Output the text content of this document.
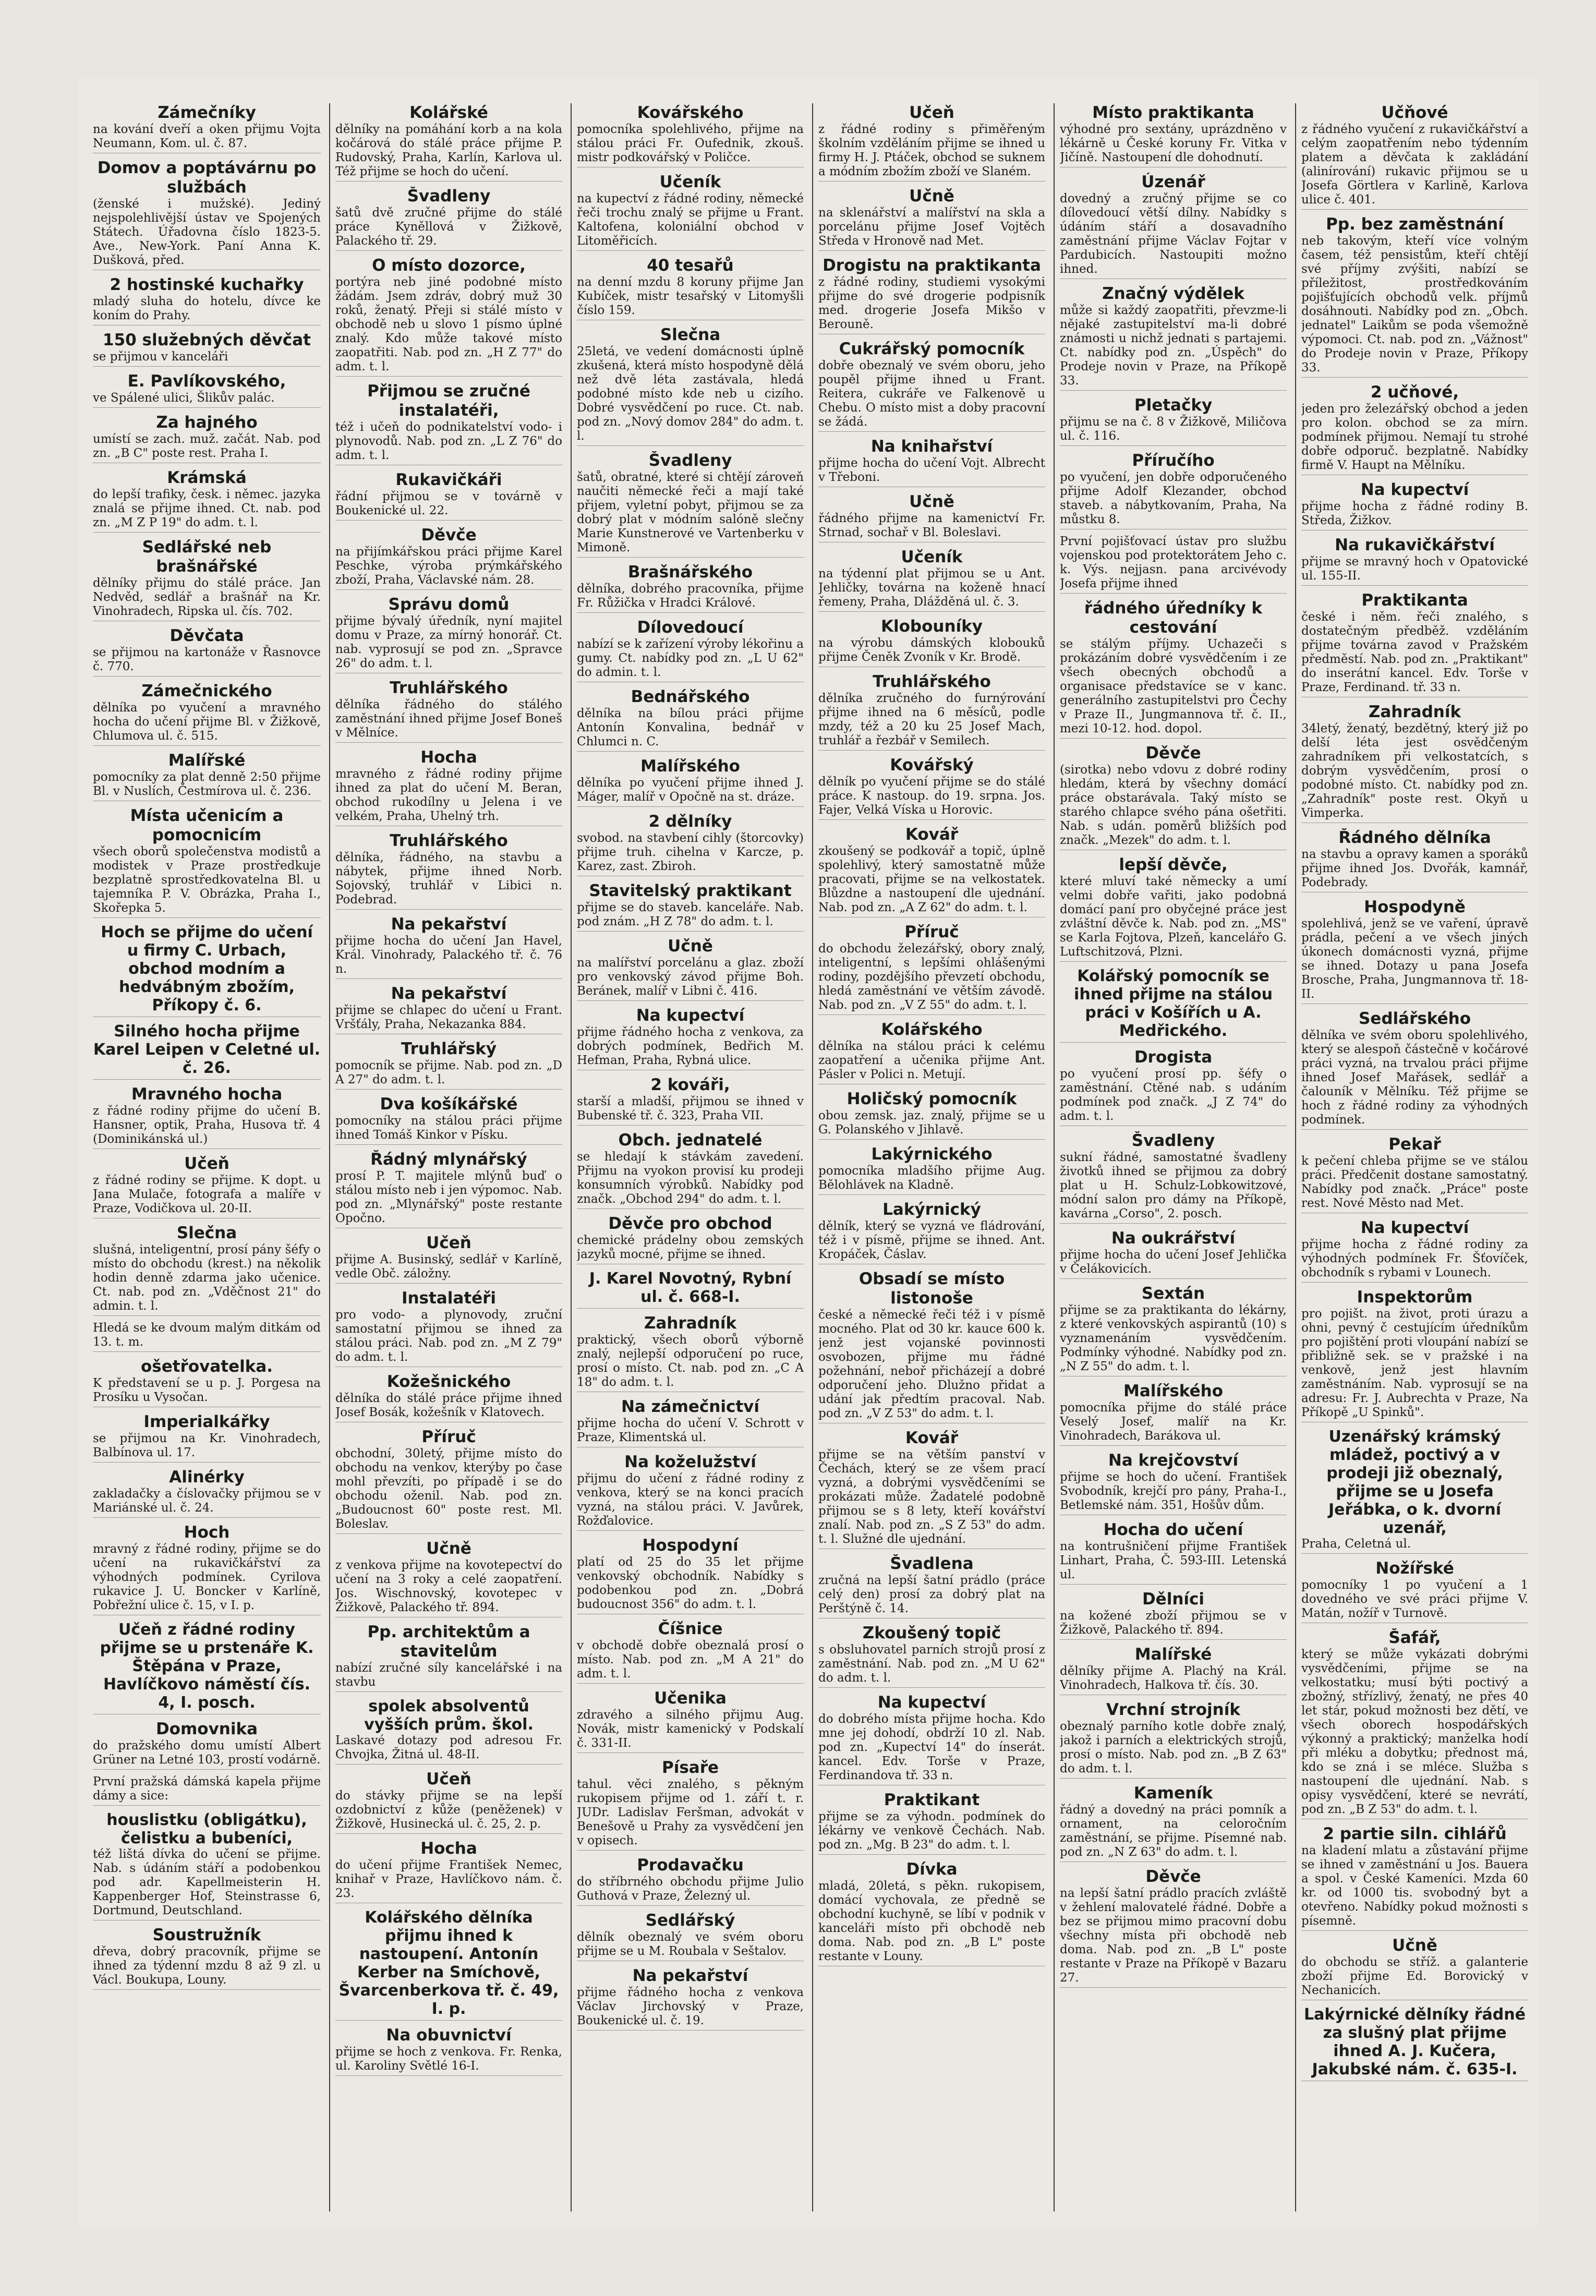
Zámečníky
na kování dveří a oken přijmu Vojta Neumann, Kom. ul. č. 87.
Domov a poptávárnu po službách
(ženské i mužské). Jediný nejspolehlivější ústav ve Spojených Státech. Úřadovna číslo 1823-5. Ave., New-York. Paní Anna K. Dušková, před.
2 hostinské kuchařky
mladý sluha do hotelu, dívce ke koním do Prahy.
150 služebných děvčat
se přijmou v kanceláři
E. Pavlíkovského,
ve Spálené ulici, Šlikův palác.
Za hajného
umístí se zach. muž. začát. Nab. pod zn. „B C" poste rest. Praha I.
Krámská
do lepší trafiky, česk. i němec. jazyka znalá se přijme ihned. Ct. nab. pod zn. „M Z P 19" do adm. t. l.
Sedlářské neb brašnářské
dělníky přijmu do stálé práce. Jan Nedvěd, sedlář a brašnář na Kr. Vinohradech, Ripska ul. čís. 702.
Děvčata
se přijmou na kartonáže v Řasnovce č. 770.
Zámečnického
dělníka po vyučení a mravného hocha do učení přijme Bl. v Žižkově, Chlumova ul. č. 515.
Malířské
pomocníky za plat denně 2:50 přijme Bl. v Nuslích, Čestmírova ul. č. 236.
Místa učenicím a pomocnicím
všech oborů společenstva modistů a modistek v Praze prostředkuje bezplatně sprostředkovatelna Bl. u tajemníka P. V. Obrázka, Praha I., Skořepka 5.
Hoch se přijme do učení u firmy C. Urbach, obchod modním a hedvábným zbožím, Příkopy č. 6.
Silného hocha přijme Karel Leipen v Celetné ul. č. 26.
Mravného hocha
z řádné rodiny přijme do učení B. Hansner, optik, Praha, Husova tř. 4 (Dominikánská ul.)
Učeň
z řádné rodiny se přijme. K dopt. u Jana Mulače, fotografa a malíře v Praze, Vodičkova ul. 20-II.
Slečna
slušná, inteligentní, prosí pány šéfy o místo do obchodu (krest.) na několik hodin denně zdarma jako učenice. Ct. nab. pod zn. „Vděčnost 21" do admin. t. l.
Hledá se ke dvoum malým ditkám od 13. t. m.
ošetřovatelka.
K představení se u p. J. Porgesa na Prosíku u Vysočan.
Imperialkářky
se přijmou na Kr. Vinohradech, Balbínova ul. 17.
Alinérky
zakladačky a číslovačky přijmou se v Mariánské ul. č. 24.
Hoch
mravný z řádné rodiny, přijme se do učení na rukavičkářství za výhodných podmínek. Cyrilova rukavice J. U. Boncker v Karlíně, Pobřežní ulice č. 15, v I. p.
Učeň z řádné rodiny přijme se u prstenáře K. Štěpána v Praze, Havlíčkovo náměstí čís. 4, I. posch.
Domovnika
do pražského domu umístí Albert Grüner na Letné 103, prostí vodárně.
První pražská dámská kapela přijme dámy a sice:
houslistku (obligátku), čelistku a bubeníci,
též lištá dívka do učení se přijme. Nab. s údáním stáří a podobenkou pod adr. Kapellmeisterin H. Kappenberger Hof, Steinstrasse 6, Dortmund, Deutschland.
Soustružník
dřeva, dobrý pracovník, přijme se ihned za týdenní mzdu 8 až 9 zl. u Václ. Boukupa, Louny.
Kolářské
dělníky na pomáhání korb a na kola kočárová do stálé práce přijme P. Rudovský, Praha, Karlín, Karlova ul. Též přijme se hoch do učení.
Švadleny
šatů dvě zručné přijme do stálé práce Kyněllová v Žižkově, Palackého tř. 29.
O místo dozorce,
portýra neb jiné podobné místo žádám. Jsem zdráv, dobrý muž 30 roků, ženatý. Přeji si stálé místo v obchodě neb u slovo 1 písmo úplné znalý. Kdo může takové místo zaopatřiti. Nab. pod zn. „H Z 77" do adm. t. l.
Přijmou se zručné instalatéři,
též i učeň do podnikatelství vodo- i plynovodů. Nab. pod zn. „L Z 76" do adm. t. l.
Rukavičkáři
řádní přijmou se v továrně v Boukenické ul. 22.
Děvče
na přijímkářskou práci přijme Karel Peschke, výroba prýmkářského zboží, Praha, Václavské nám. 28.
Správu domů
přijme bývalý úředník, nyní majitel domu v Praze, za mírný honorář. Ct. nab. vyprosují se pod zn. „Spravce 26" do adm. t. l.
Truhlářského
dělníka řádného do stálého zaměstnání ihned přijme Josef Boneš v Mělníce.
Hocha
mravného z řádné rodiny přijme ihned za plat do učení M. Beran, obchod rukodílny u Jelena i ve velkém, Praha, Uhelný trh.
Truhlářského
dělníka, řádného, na stavbu a nábytek, přijme ihned Norb. Sojovský, truhlář v Libici n. Podebrad.
Na pekařství
přijme hocha do učení Jan Havel, Král. Vinohrady, Palackého tř. č. 76 n.
Na pekařství
přijme se chlapec do učení u Frant. Vršťály, Praha, Nekazanka 884.
Truhlářský
pomocník se přijme. Nab. pod zn. „D A 27" do adm. t. l.
Dva košíkářské
pomocníky na stálou práci přijme ihned Tomáš Kinkor v Písku.
Řádný mlynářský
prosí P. T. majitele mlýnů buď o stálou místo neb i jen výpomoc. Nab. pod zn. „Mlynářský" poste restante Opočno.
Učeň
přijme A. Businský, sedlář v Karlíně, vedle Obč. záložny.
Instalatéři
pro vodo- a plynovody, zruční samostatní přijmou se ihned za stálou práci. Nab. pod zn. „M Z 79" do adm. t. l.
Kožešnického
dělníka do stálé práce přijme ihned Josef Bosák, kožešník v Klatovech.
Příruč
obchodní, 30letý, přijme místo do obchodu na venkov, kterýby po čase mohl převzíti, po případě i se do obchodu oženil. Nab. pod zn. „Budoucnost 60" poste rest. Ml. Boleslav.
Učně
z venkova přijme na kovotepectví do učení na 3 roky a celé zaopatření. Jos. Wischnovský, kovotepec v Žižkově, Palackého tř. 894.
Pp. architektům a stavitelům
nabízí zručné síly kancelářské i na stavbu
spolek absolventů vyšších prům. škol.
Laskavé dotazy pod adresou Fr. Chvojka, Žitná ul. 48-II.
Učeň
do stávky přijme se na lepší ozdobnictví z kůže (peněženek) v Žižkově, Husinecká ul. č. 25, 2. p.
Hocha
do učení přijme František Nemec, knihař v Praze, Havlíčkovo nám. č. 23.
Kolářského dělníka přijmu ihned k nastoupení. Antonín Kerber na Smíchově, Švarcenberkova tř. č. 49, I. p.
Na obuvnictví
přijme se hoch z venkova. Fr. Renka, ul. Karoliny Světlé 16-I.
Kovářského
pomocníka spolehlivého, přijme na stálou práci Fr. Oufednik, zkouš. mistr podkovářský v Poličce.
Učeník
na kupectví z řádné rodiny, německé řeči trochu znalý se přijme u Frant. Kaltofena, koloniální obchod v Litoměřicích.
40 tesařů
na denní mzdu 8 koruny přijme Jan Kubíček, mistr tesařský v Litomyšli číslo 159.
Slečna
25letá, ve vedení domácnosti úplně zkušená, která místo hospodyně dělá než dvě léta zastávala, hledá podobné místo kde neb u cizího. Dobré vysvědčení po ruce. Ct. nab. pod zn. „Nový domov 284" do adm. t. l.
Švadleny
šatů, obratné, které si chtějí zároveň naučiti německé řeči a mají také přijem, vyletní pobyt, přijmou se za dobrý plat v módním salóně slečny Marie Kunstnerové ve Vartenberku v Mimoně.
Brašnářského
dělníka, dobrého pracovníka, přijme Fr. Růžička v Hradci Králové.
Dílovedoucí
nabízí se k zařízení výroby lékořinu a gumy. Ct. nabídky pod zn. „L U 62" do admin. t. l.
Bednářského
dělníka na bílou práci přijme Antonín Konvalina, bednář v Chlumci n. C.
Malířského
dělníka po vyučení přijme ihned J. Máger, malíř v Opočně na st. dráze.
2 dělníky
svobod. na stavbení cihly (štorcovky) přijme truh. cihelna v Karcze, p. Karez, zast. Zbiroh.
Stavitelský praktikant
přijme se do staveb. kanceláře. Nab. pod znám. „H Z 78" do adm. t. l.
Učně
na malířství porcelánu a glaz. zboží pro venkovský závod přijme Boh. Beránek, malíř v Libni č. 416.
Na kupectví
přijme řádného hocha z venkova, za dobrých podmínek, Bedřich M. Hefman, Praha, Rybná ulice.
2 kováři,
starší a mladší, přijmou se ihned v Bubenské tř. č. 323, Praha VII.
Obch. jednatelé
se hledají k stávkám zavedení. Přijmu na vyokon provisí ku prodeji konsumních výrobků. Nabídky pod značk. „Obchod 294" do adm. t. l.
Děvče pro obchod
chemické prádelny obou zemských jazyků mocné, přijme se ihned.
J. Karel Novotný, Rybní ul. č. 668-I.
Zahradník
praktický, všech oborů výborně znalý, nejlepší odporučení po ruce, prosí o místo. Ct. nab. pod zn. „C A 18" do adm. t. l.
Na zámečnictví
přijme hocha do učení V. Schrott v Praze, Klimentská ul.
Na koželužství
přijmu do učení z řádné rodiny z venkova, který se na konci pracích vyzná, na stálou práci. V. Javůrek, Rožďalovice.
Hospodyní
platí od 25 do 35 let přijme venkovský obchodník. Nabídky s podobenkou pod zn. „Dobrá budoucnost 356" do adm. t. l.
Číšnice
v obchodě dobře obeznalá prosí o místo. Nab. pod zn. „M A 21" do adm. t. l.
Učenika
zdravého a silného přijmu Aug. Novák, mistr kamenický v Podskalí č. 331-II.
Písaře
tahul. věci znalého, s pěkným rukopisem přijme od 1. září t. r. JUDr. Ladislav Feršman, advokát v Benešově u Prahy za vysvědčení jen v opisech.
Prodavačku
do stříbrného obchodu přijme Julio Guthová v Praze, Železný ul.
Sedlářský
dělník obeznalý ve svém oboru přijme se u M. Roubala v Seštalov.
Na pekařství
přijme řádného hocha z venkova Václav Jirchovský v Praze, Boukenické ul. č. 19.
Učeň
z řádné rodiny s přiměřeným školním vzděláním přijme se ihned u firmy H. J. Ptáček, obchod se suknem a módním zbožím zboží ve Slaném.
Učně
na sklenářství a malířství na skla a porcelánu přijme Josef Vojtěch Středa v Hronově nad Met.
Drogistu na praktikanta
z řádné rodiny, studiemi vysokými přijme do své drogerie podpisník med. drogerie Josefa Mikšo v Berouně.
Cukrářský pomocník
dobře obeznalý ve svém oboru, jeho poupěl přijme ihned u Frant. Reitera, cukráře ve Falkenově u Chebu. O místo mist a doby pracovní se žádá.
Na knihařství
přijme hocha do učení Vojt. Albrecht v Třeboni.
Učně
řádného přijme na kamenictví Fr. Strnad, sochař v Bl. Boleslavi.
Učeník
na týdenní plat přijmou se u Ant. Jehličky, továrna na koženě hnací řemeny, Praha, Dlážděná ul. č. 3.
Klobouníky
na výrobu dámských klobouků přijme Čeněk Zvoník v Kr. Brodě.
Truhlářského
dělníka zručného do furnýrování přijme ihned na 6 měsíců, podle mzdy, též a 20 ku 25 Josef Mach, truhlář a řezbář v Semilech.
Kovářský
dělník po vyučení přijme se do stálé práce. K nastoup. do 19. srpna. Jos. Fajer, Velká Víska u Horovic.
Kovář
zkoušený se podkovář a topič, úplně spolehlivý, který samostatně může pracovati, přijme se na velkostatek. Blůzdne a nastoupení dle ujednání. Nab. pod zn. „A Z 62" do adm. t. l.
Příruč
do obchodu železářský, obory znalý, inteligentní, s lepšími ohlášenými rodiny, pozdějšího převzetí obchodu, hledá zaměstnání ve větším závodě. Nab. pod zn. „V Z 55" do adm. t. l.
Kolářského
dělníka na stálou práci k celému zaopatření a učenika přijme Ant. Pásler v Polici n. Metují.
Holičský pomocník
obou zemsk. jaz. znalý, přijme se u G. Polanského v Jihlavě.
Lakýrnického
pomocníka mladšího přijme Aug. Bělohlávek na Kladně.
Lakýrnický
dělník, který se vyzná ve fládrování, též i v písmě, přijme se ihned. Ant. Kropáček, Čáslav.
Obsadí se místo listonoše
české a německé řeči též i v písmě mocného. Plat od 30 kr. kauce 600 k. jenž jest vojanské povinnosti osvobozen, přijme mu řádné požehnání, neboř přicházejí a dobré odporučení jeho. Dlužno přidat a udání jak předtím pracoval. Nab. pod zn. „V Z 53" do adm. t. l.
Kovář
přijme se na větším panství v Čechách, který se ze všem prací vyzná, a dobrými vysvědčeními se prokázati může. Žadatelé podobně přijmou se s 8 lety, kteří kovářství znalí. Nab. pod zn. „S Z 53" do adm. t. l. Služné dle ujednání.
Švadlena
zručná na lepší šatní prádlo (práce celý den) prosí za dobrý plat na Perštýně č. 14.
Zkoušený topič
s obsluhovatel parních strojů prosí z zaměstnání. Nab. pod zn. „M U 62" do adm. t. l.
Na kupectví
do dobrého místa přijme hocha. Kdo mne jej dohodí, obdrží 10 zl. Nab. pod zn. „Kupectví 14" do ínserát. kancel. Edv. Torše v Praze, Ferdinandova tř. 33 n.
Praktikant
přijme se za výhodn. podmínek do lékárny ve venkově Čechách. Nab. pod zn. „Mg. B 23" do adm. t. l.
Dívka
mladá, 20letá, s pěkn. rukopisem, domácí vychovala, ze předně se obchodní kuchyně, se líbí v podnik v kanceláři místo při obchodě neb doma. Nab. pod zn. „B L" poste restante v Louny.
Místo praktikanta
výhodné pro sextány, uprázdněno v lékárně u České koruny Fr. Vitka v Jičíně. Nastoupení dle dohodnutí.
Úzenář
dovedný a zručný přijme se co dílovedoucí větší dílny. Nabídky s údáním stáří a dosavadního zaměstnání přijme Václav Fojtar v Pardubicích. Nastoupiti možno ihned.
Značný výdělek
může si každý zaopatřiti, převzme-li nějaké zastupitelství ma-li dobré známosti u nichž jednati s partajemi. Ct. nabídky pod zn. „Úspěch" do Prodeje novin v Praze, na Příkopě 33.
Pletačky
přijmu se na č. 8 v Žižkově, Miličova ul. č. 116.
Příručího
po vyučení, jen dobře odporučeného přijme Adolf Klezander, obchod staveb. a nábytkovaním, Praha, Na můstku 8.
První pojišťovací ústav pro službu vojenskou pod protektorátem Jeho c. k. Výs. nejjasn. pana arcivévody Josefa přijme ihned
řádného úředníky k cestování
se stálým příjmy. Uchazeči s prokázáním dobré vysvědčením i ze všech obecných obchodů a organisace představíce se v kanc. generálního zastupitelstvi pro Čechy v Praze II., Jungmannova tř. č. II., mezi 10-12. hod. dopol.
Děvče
(sirotka) nebo vdovu z dobré rodiny hledám, která by všechny domácí práce obstarávala. Taký místo se starého chlapce svého pána ošetřiti. Nab. s udán. poměrů bližších pod značk. „Mezek" do adm. t. l.
lepší děvče,
které mluví také německy a umí velmi dobře vařiti, jako podobná domácí paní pro obyčejné práce jest zvláštní děvče k. Nab. pod zn. „MS" se Karla Fojtova, Plzeň, kancelářo G. Luftschitzová, Plzni.
Kolářský pomocník se ihned přijme na stálou práci v Košířích u A. Medřického.
Drogista
po vyučení prosí pp. šéfy o zaměstnání. Ctěné nab. s udáním podmínek pod značk. „J Z 74" do adm. t. l.
Švadleny
sukní řádné, samostatné švadleny životků ihned se přijmou za dobrý plat u H. Schulz-Lobkowitzové, módní salon pro dámy na Příkopě, kavárna „Corso", 2. posch.
Na oukrářství
přijme hocha do učení Josef Jehlička v Čelákovicích.
Sextán
přijme se za praktikanta do lékárny, z které venkovských aspirantů (10) s vyznamenáním vysvědčením. Podmínky výhodné. Nabídky pod zn. „N Z 55" do adm. t. l.
Malířského
pomocníka přijme do stálé práce Veselý Josef, malíř na Kr. Vinohradech, Barákova ul.
Na krejčovství
přijme se hoch do učení. František Svobodník, krejčí pro pány, Praha-I., Betlemské nám. 351, Hošův dům.
Hocha do učení
na kontrušničení přijme František Linhart, Praha, Č. 593-III. Letenská ul.
Dělníci
na kožené zboží přijmou se v Žižkově, Palackého tř. 894.
Malířské
dělníky přijme A. Plachý na Král. Vinohradech, Halkova tř. čís. 30.
Vrchní strojník
obeznalý parního kotle dobře znalý, jakož i parních a elektrických strojů, prosí o místo. Nab. pod zn. „B Z 63" do adm. t. l.
Kameník
řádný a dovedný na práci pomník a ornament, na celoročním zaměstnání, se přijme. Písemné nab. pod zn. „N Z 63" do adm. t. l.
Děvče
na lepší šatní prádlo pracích zvláště v žehlení malovatelé řádné. Dobře a bez se přijmou mimo pracovní dobu všechny místa při obchodě neb doma. Nab. pod zn. „B L" poste restante v Praze na Příkopě v Bazaru 27.
Učňové
z řádného vyučení z rukavičkářství a celým zaopatřením nebo týdenním platem a děvčata k zakládání (alinírování) rukavic přijmou se u Josefa Görtlera v Karlině, Karlova ulice č. 401.
Pp. bez zaměstnání
neb takovým, kteří více volným časem, též pensistům, kteří chtějí své příjmy zvýšiti, nabízí se příležitost, prostředkováním pojišťujících obchodů velk. příjmů dosáhnouti. Nabídky pod zn. „Obch. jednatel" Laikům se poda všemožně výpomoci. Ct. nab. pod zn. „Vážnost" do Prodeje novin v Praze, Příkopy 33.
2 učňové,
jeden pro železářský obchod a jeden pro kolon. obchod se za mírn. podmínek přijmou. Nemají tu strohé dobře odporuč. bezplatně. Nabídky firmě V. Haupt na Mělníku.
Na kupectví
přijme hocha z řádné rodiny B. Středa, Žižkov.
Na rukavičkářství
přijme se mravný hoch v Opatovické ul. 155-II.
Praktikanta
české i něm. řeči znalého, s dostatečným předběž. vzděláním přijme továrna zavod v Pražském předměstí. Nab. pod zn. „Praktikant" do inserátní kancel. Edv. Torše v Praze, Ferdinand. tř. 33 n.
Zahradník
34letý, ženatý, bezdětný, který již po delší léta jest osvědčeným zahradníkem při velkostatcích, s dobrým vysvědčením, prosí o podobné místo. Ct. nabídky pod zn. „Zahradník" poste rest. Okyň u Vimperka.
Řádného dělníka
na stavbu a opravy kamen a sporáků přijme ihned Jos. Dvořák, kamnář, Podebrady.
Hospodyně
spolehlivá, jenž se ve vaření, úpravě prádla, pečení a ve všech jiných úkonech domácnosti vyzná, přijme se ihned. Dotazy u pana Josefa Brosche, Praha, Jungmannova tř. 18-II.
Sedlářského
dělníka ve svém oboru spolehlivého, který se alespoň částečně v kočárové práci vyzná, na trvalou práci přijme ihned Josef Mařásek, sedlář a čalouník v Mělníku. Též přijme se hoch z řádné rodiny za výhodných podmínek.
Pekař
k pečení chleba přijme se ve stálou práci. Předčenit dostane samostatný. Nabídky pod značk. „Práce" poste rest. Nové Město nad Met.
Na kupectví
přijme hocha z řádné rodiny za výhodných podmínek Fr. Šťovíček, obchodník s rybami v Lounech.
Inspektorům
pro pojišt. na život, proti úrazu a ohni, pevný č cestujícím úředníkům pro pojištění proti vloupání nabízí se přibližně sek. se v pražské i na venkově, jenž jest hlavním zaměstnáním. Nab. vyprosují se na adresu: Fr. J. Aubrechta v Praze, Na Příkopě „U Spinků".
Uzenářský krámský mládež, poctivý a v prodeji již obeznalý, přijme se u Josefa Jeřábka, o k. dvorní uzenář,
Praha, Celetná ul.
Nožířské
pomocníky 1 po vyučení a 1 dovedného ve své práci přijme V. Matán, nožíř v Turnově.
Šafář,
který se může vykázati dobrými vysvědčeními, přijme se na velkostatku; musí býti poctivý a zbožný, střízlivý, ženatý, ne přes 40 let stár, pokud možnosti bez dětí, ve všech oborech hospodářských výkonný a praktický; manželka hodí při mléku a dobytku; přednost má, kdo se zná i se mléce. Služba s nastoupení dle ujednání. Nab. s opisy vysvědčení, které se nevrátí, pod zn. „B Z 53" do adm. t. l.
2 partie siln. cihlářů
na kladení mlatu a zůstavání přijme se ihned v zaměstnání u Jos. Bauera a spol. v České Kameníci. Mzda 60 kr. od 1000 tis. svobodný byt a otevřeno. Nabídky pokud možnosti s písemně.
Učně
do obchodu se stříž. a galanterie zboží přijme Ed. Borovický v Nechanicích.
Lakýrnické dělníky řádné za slušný plat přijme ihned A. J. Kučera, Jakubské nám. č. 635-I.
